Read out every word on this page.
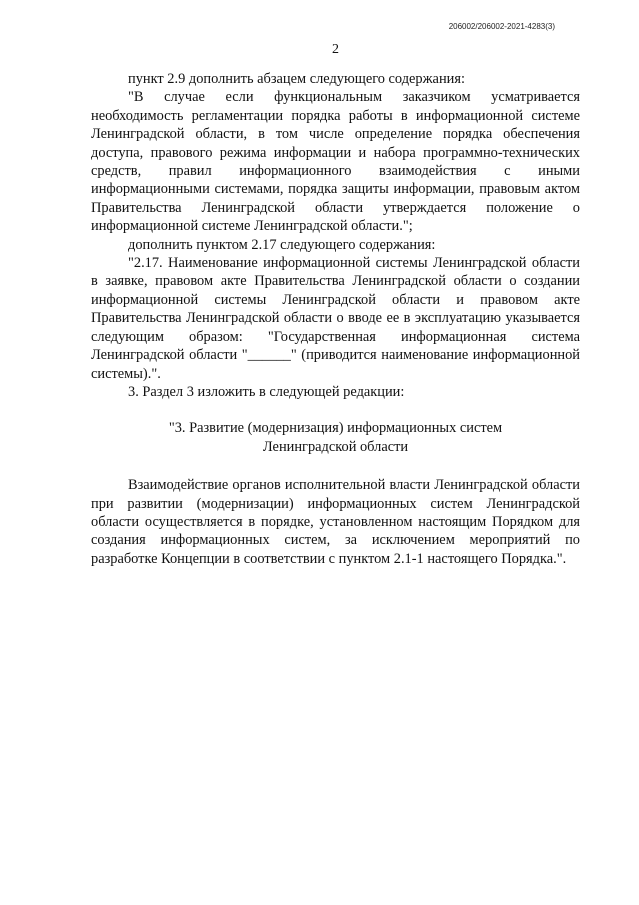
206002/206002-2021-4283(3)
2

пункт 2.9 дополнить абзацем следующего содержания:

"В случае если функциональным заказчиком усматривается необходимость регламентации порядка работы в информационной системе Ленинградской области, в том числе определение порядка обеспечения доступа, правового режима информации и набора программно-технических средств, правил информационного взаимодействия с иными информационными системами, порядка защиты информации, правовым актом Правительства Ленинградской области утверждается положение о информационной системе Ленинградской области.";

дополнить пунктом 2.17 следующего содержания:

"2.17. Наименование информационной системы Ленинградской области в заявке, правовом акте Правительства Ленинградской области о создании информационной системы Ленинградской области и правовом акте Правительства Ленинградской области о вводе ее в эксплуатацию указывается следующим образом: "Государственная информационная система Ленинградской области "______" (приводится наименование информационной системы).".

3. Раздел 3 изложить в следующей редакции:

"3. Развитие (модернизация) информационных систем
Ленинградской области

Взаимодействие органов исполнительной власти Ленинградской области при развитии (модернизации) информационных систем Ленинградской области осуществляется в порядке, установленном настоящим Порядком для создания информационных систем, за исключением мероприятий по разработке Концепции в соответствии с пунктом 2.1-1 настоящего Порядка.".
